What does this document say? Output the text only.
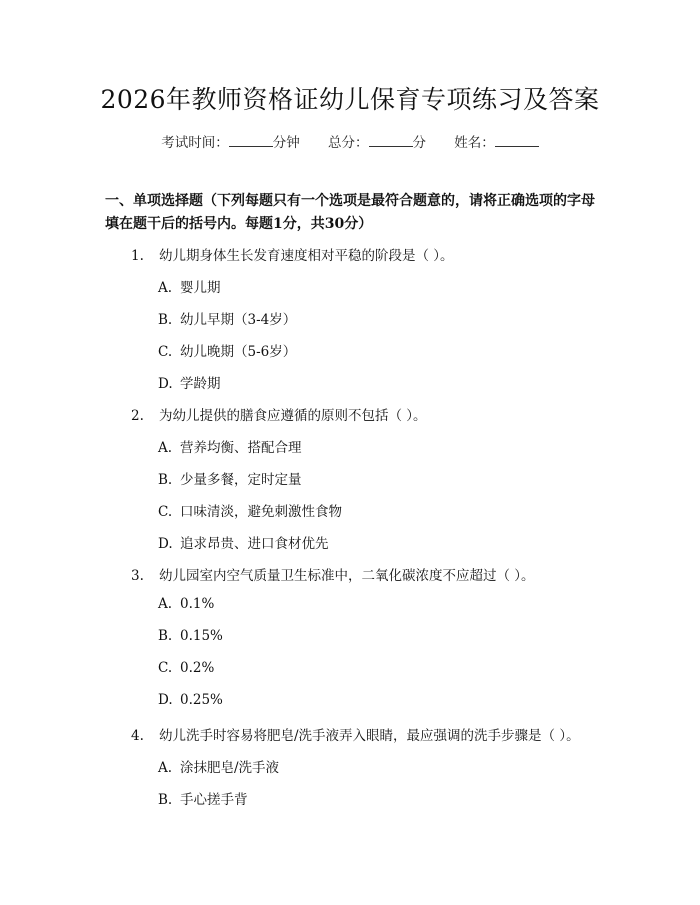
2026年教师资格证幼儿保育专项练习及答案
考试时间：	分钟 总分：	分 姓名：
一、单项选择题（下列每题只有一个选项是最符合题意的，请将正确选项的字母填在题干后的括号内。每题1分，共30分）
1. 幼儿期身体生长发育速度相对平稳的阶段是（ ）。
A. 婴儿期
B. 幼儿早期（3-4岁）
C. 幼儿晚期（5-6岁）
D. 学龄期
2. 为幼儿提供的膳食应遵循的原则不包括（ ）。
A. 营养均衡、搭配合理
B. 少量多餐，定时定量
C. 口味清淡，避免刺激性食物
D. 追求昂贵、进口食材优先
3. 幼儿园室内空气质量卫生标准中，二氧化碳浓度不应超过（ ）。
A. 0.1%
B. 0.15%
C. 0.2%
D. 0.25%
4. 幼儿洗手时容易将肥皂/洗手液弄入眼睛，最应强调的洗手步骤是（ ）。
A. 涂抹肥皂/洗手液
B. 手心搓手背
